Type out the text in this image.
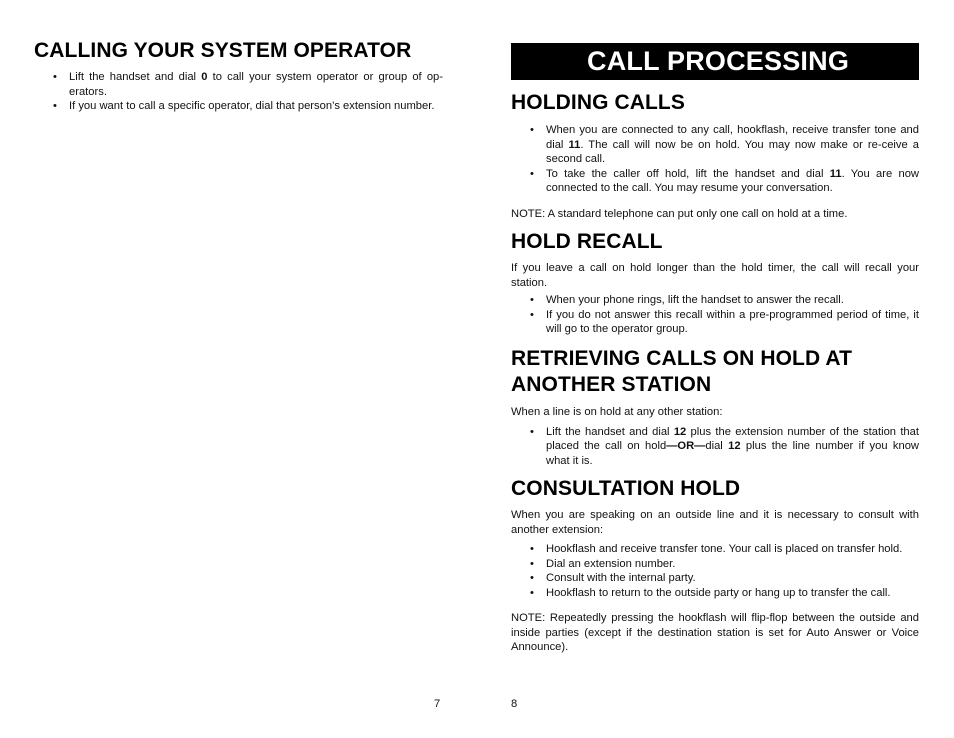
CALLING YOUR SYSTEM OPERATOR
• Lift the handset and dial 0 to call your system operator or group of op-erators.
• If you want to call a specific operator, dial that person’s extension number.
7
CALL PROCESSING
HOLDING CALLS
• When you are connected to any call, hookflash, receive transfer tone and dial 11. The call will now be on hold. You may now make or re-ceive a second call.
• To take the caller off hold, lift the handset and dial 11. You are now connected to the call. You may resume your conversation.

NOTE: A standard telephone can put only one call on hold at a time.

HOLD RECALL

If you leave a call on hold longer than the hold timer, the call will recall your station.

• When your phone rings, lift the handset to answer the recall.
• If you do not answer this recall within a pre-programmed period of time, it will go to the operator group.
RETRIEVING CALLS ON HOLD AT
ANOTHER STATION

When a line is on hold at any other station:

• Lift the handset and dial 12 plus the extension number of the station that placed the call on hold—OR—dial 12 plus the line number if you know what it is.
CONSULTATION HOLD

When you are speaking on an outside line and it is necessary to consult with another extension:

• Hookflash and receive transfer tone. Your call is placed on transfer hold.
• Dial an extension number.
• Consult with the internal party.
• Hookflash to return to the outside party or hang up to transfer the call.

NOTE: Repeatedly pressing the hookflash will flip-flop between the outside and inside parties (except if the destination station is set for Auto Answer or Voice Announce).

8
